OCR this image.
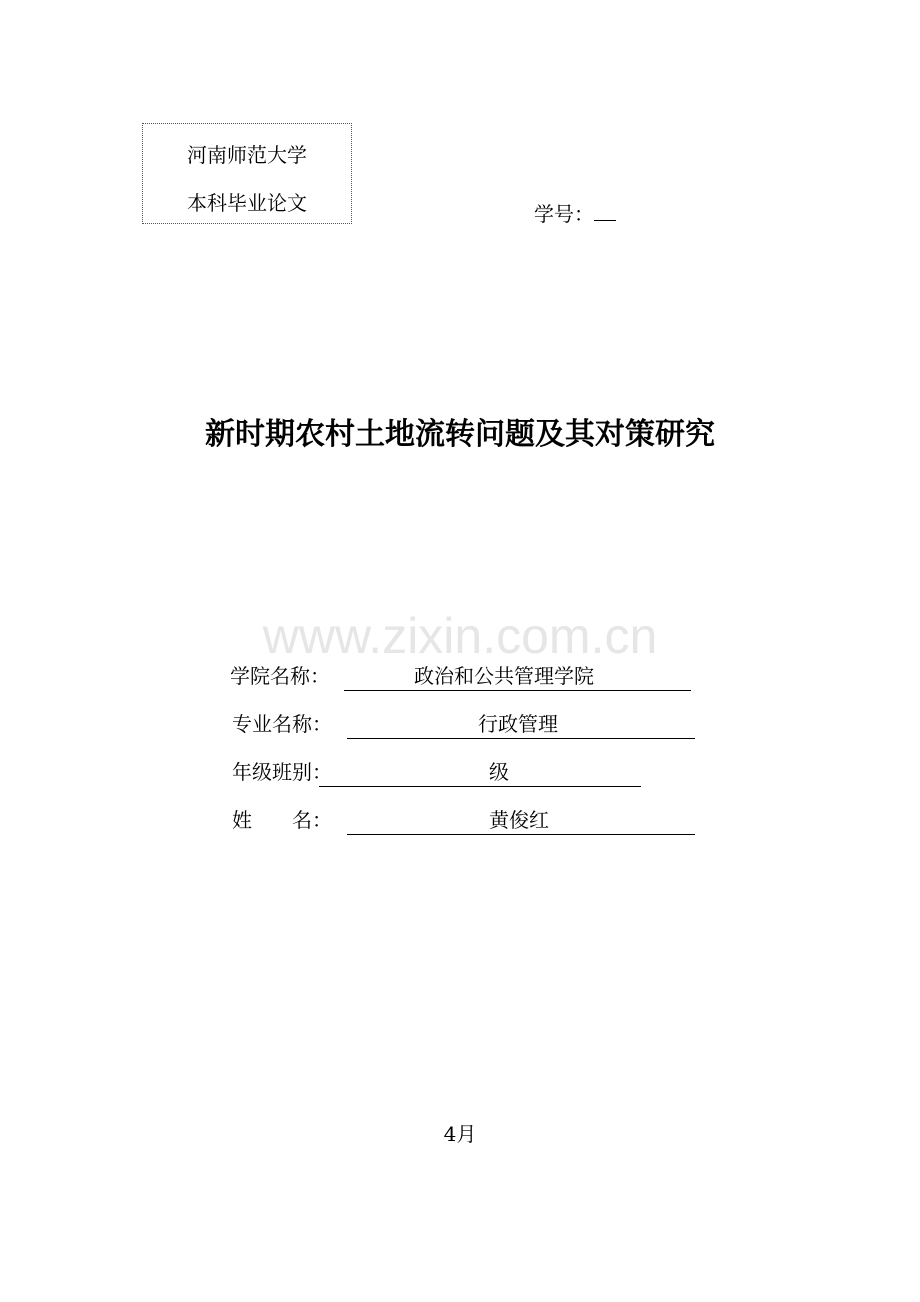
河南师范大学
本科毕业论文	学号：
新时期农村土地流转问题及其对策研究
www.zixin.com.cn
学院名称：	政治和公共管理学院
专业名称：	行政管理
年级班别：	级
姓　　名：	黄俊红
4月
